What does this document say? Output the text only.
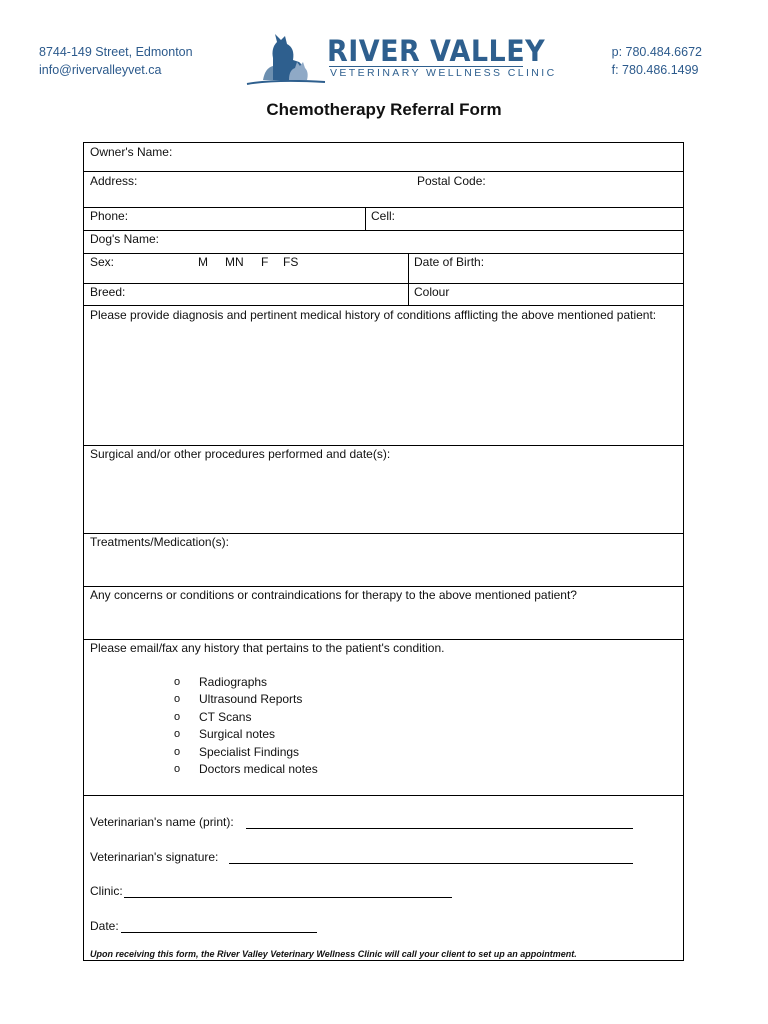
8744-149 Street, Edmonton
info@rivervalleyvet.ca
RIVER VALLEY
VETERINARY WELLNESS CLINIC
p: 780.484.6672
f: 780.486.1499
Chemotherapy Referral Form
Owner's Name:
Address:	Postal Code:
Phone:	Cell:
Dog's Name:
Sex:	M MN F FS	Date of Birth:
Breed:	Colour
Please provide diagnosis and pertinent medical history of conditions afflicting the above mentioned patient:
Surgical and/or other procedures performed and date(s):
Treatments/Medication(s):
Any concerns or conditions or contraindications for therapy to the above mentioned patient?
Please email/fax any history that pertains to the patient's condition.
o Radiographs
o Ultrasound Reports
o CT Scans
o Surgical notes
o Specialist Findings
o Doctors medical notes
Veterinarian's name (print):
Veterinarian's signature:
Clinic:
Date:
Upon receiving this form, the River Valley Veterinary Wellness Clinic will call your client to set up an appointment.
